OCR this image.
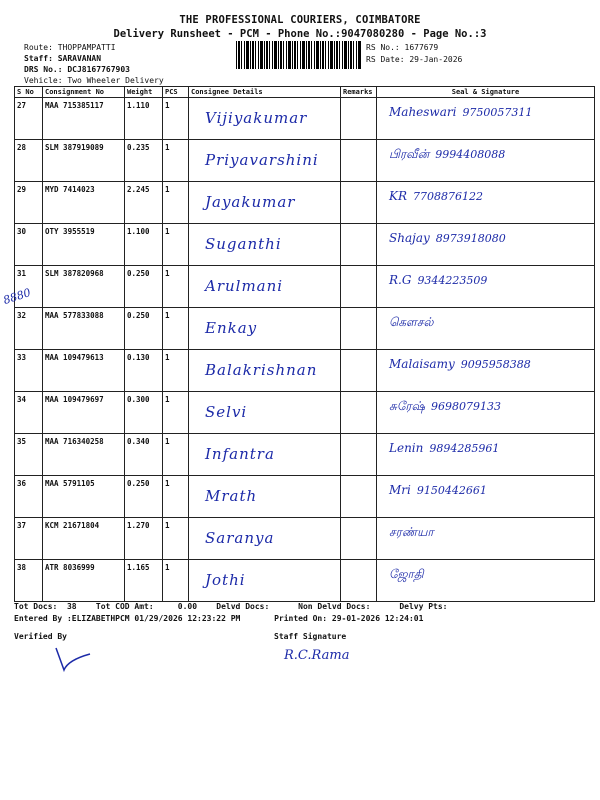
THE PROFESSIONAL COURIERS, COIMBATORE
Delivery Runsheet - PCM - Phone No.:9047080280 - Page No.:3
Route: THOPPAMPATTI
Staff: SARAVANAN
DRS No.: DCJ8167767903
Vehicle: Two Wheeler Delivery
RS No.: 1677679
RS Date: 29-Jan-2026
S No	Consignment No	Weight	PCS	Consignee Details	Remarks	Seal & Signature
27	MAA 715385117	1.110	1	Vijiyakumar		Maheswari 9750057311

28	SLM 387919089	0.235	1	Priyavarshini		பிரவீன் 9994408088

29	MYD 7414023	2.245	1	Jayakumar		KR 7708876122

30	OTY 3955519	1.100	1	Suganthi		Shajay 8973918080

31	SLM 387820968	0.250	1	Arulmani		R.G 9344223509

32	MAA 577833088	0.250	1	Enkay		கௌசல்

33	MAA 109479613	0.130	1	Balakrishnan		Malaisamy 9095958388

34	MAA 109479697	0.300	1	Selvi		சுரேஷ் 9698079133

35	MAA 716340258	0.340	1	Infantra		Lenin 9894285961

36	MAA 5791105	0.250	1	Mrath		Mri 9150442661

37	KCM 21671804	1.270	1	Saranya		சரண்யா

38	ATR 8036999	1.165	1	Jothi		ஜோதி
8880
Tot Docs:  38    Tot COD Amt:     0.00    Delvd Docs:      Non Delvd Docs:      Delvy Pts:
Entered By :ELIZABETHPCM 01/29/2026 12:23:22 PM       Printed On: 29-01-2026 12:24:01
Verified By	Staff Signature
R.C.Rama
